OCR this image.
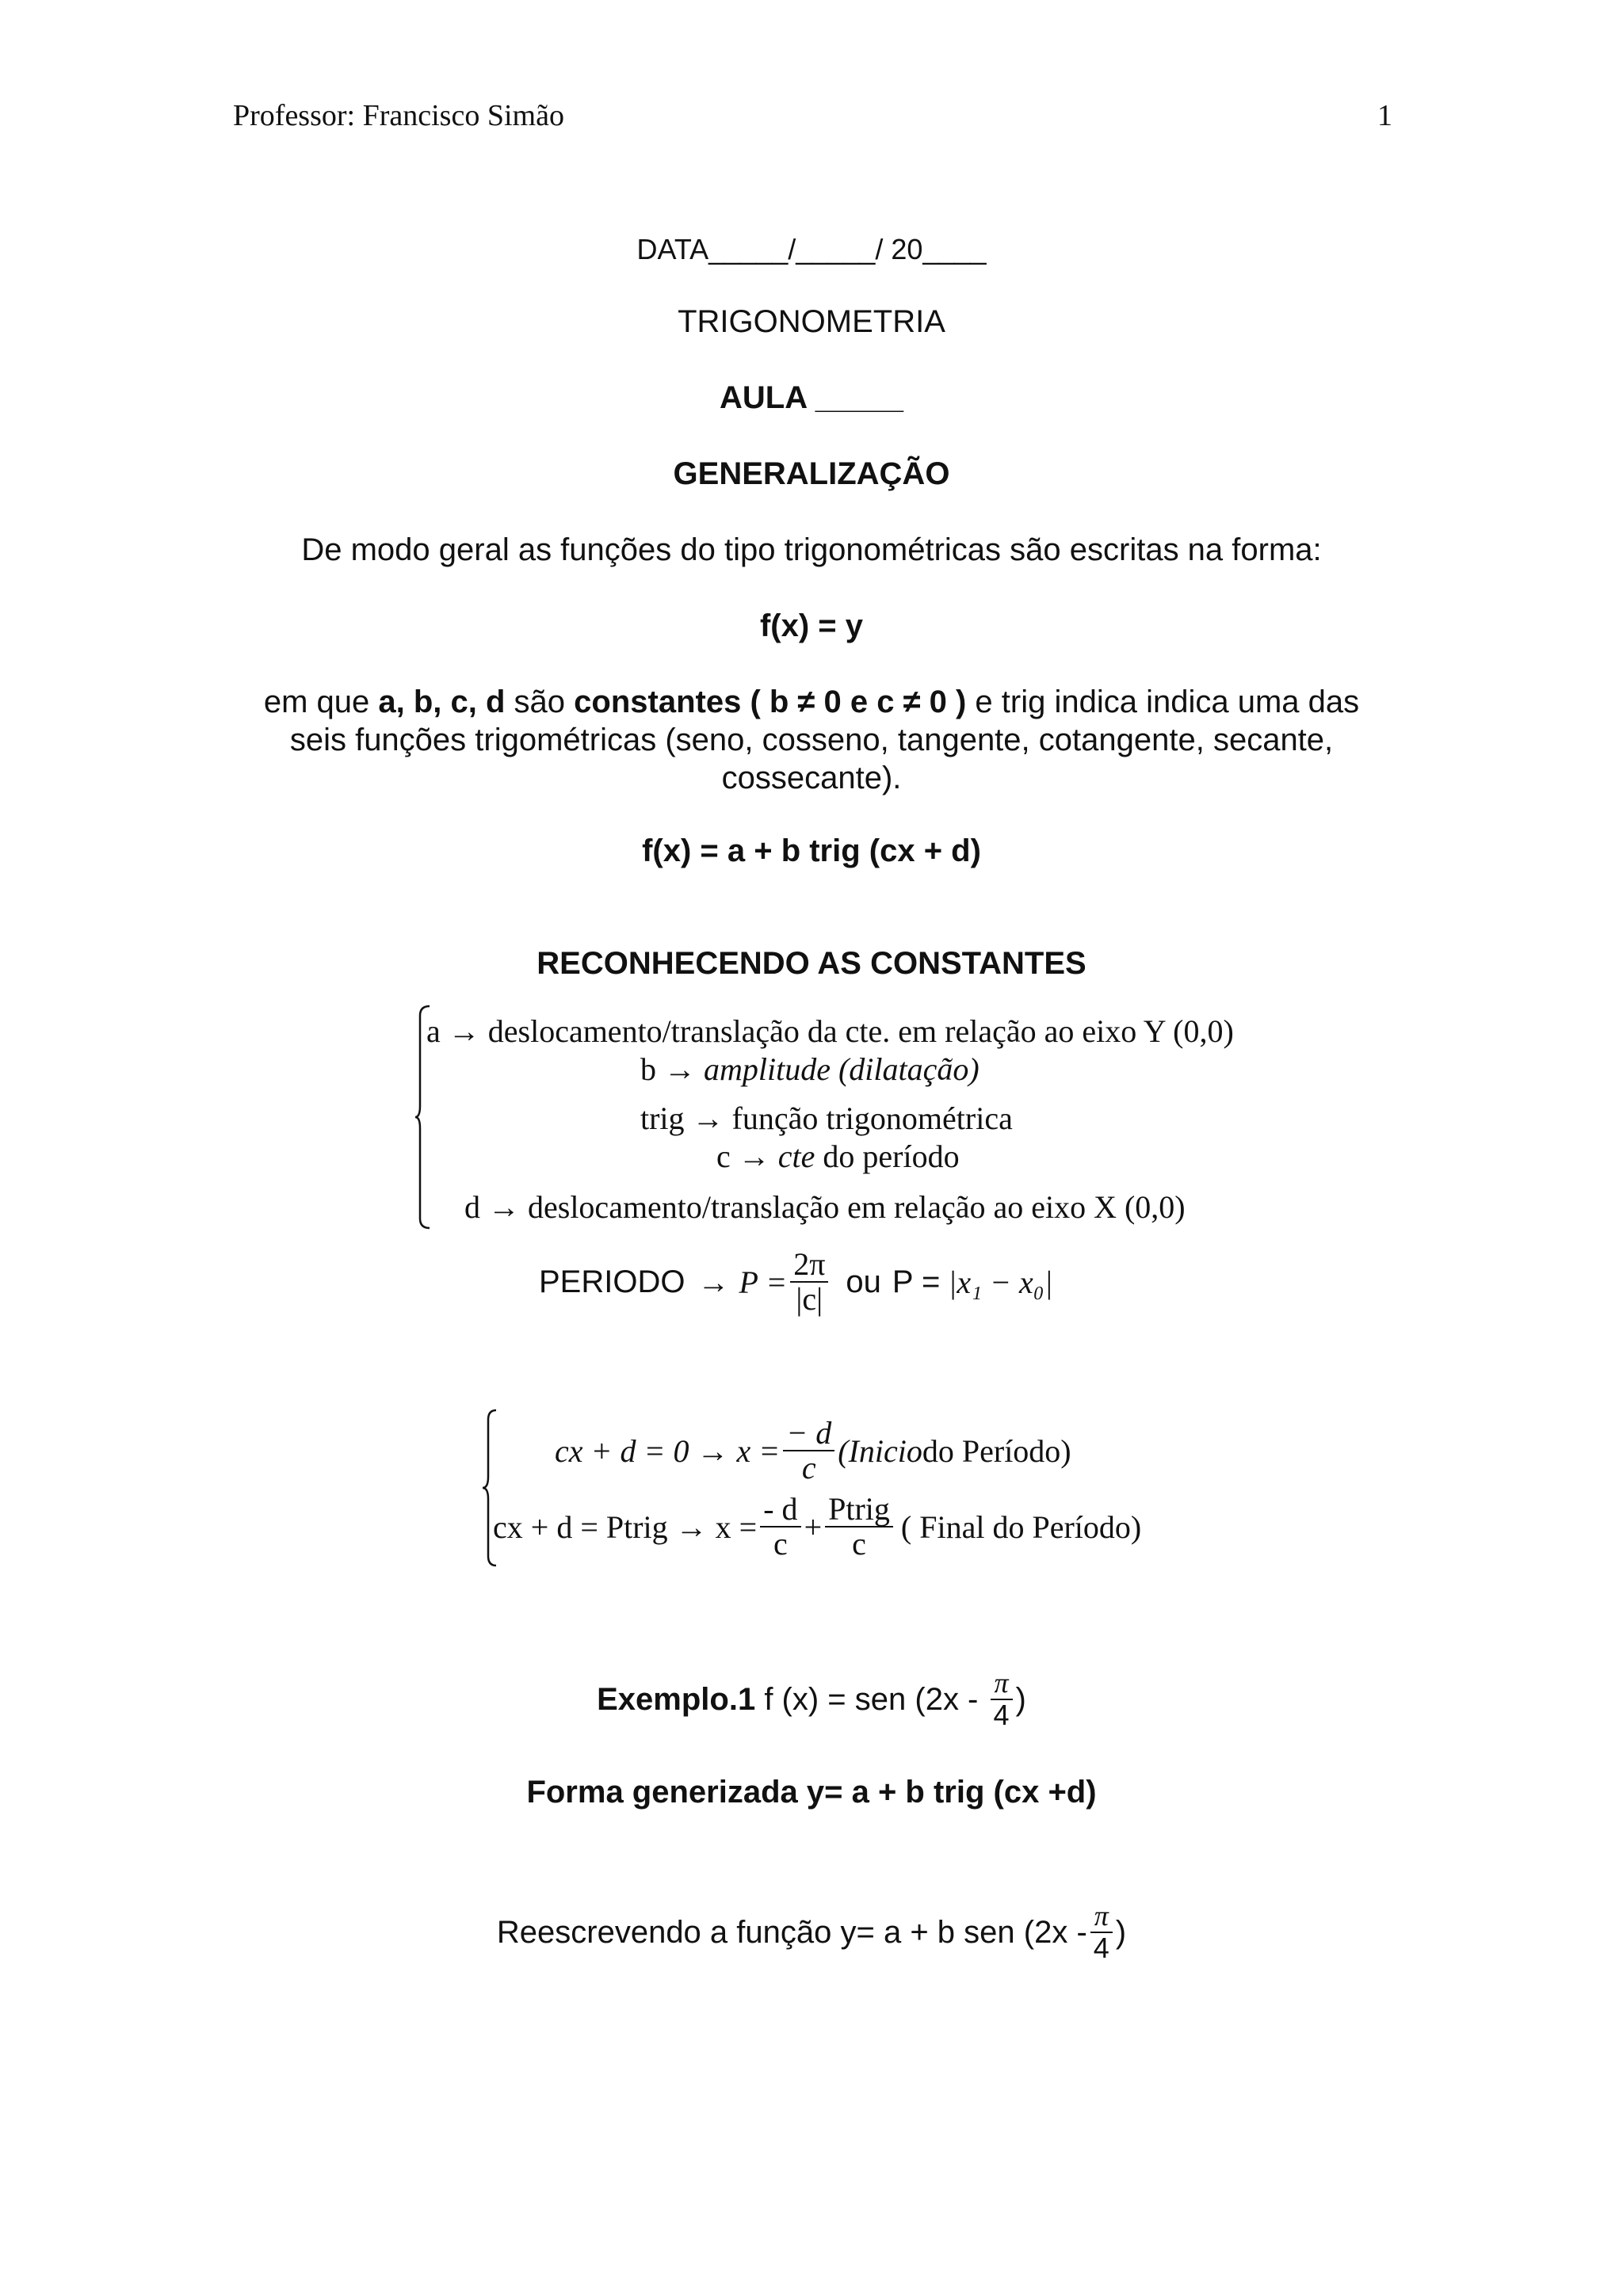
Professor: Francisco Simão	1
DATA_____/_____/ 20____
TRIGONOMETRIA
AULA _____
GENERALIZAÇÃO
De modo geral as funções do tipo trigonométricas são escritas na forma:
f(x) = y
em que a, b, c, d são constantes ( b ≠ 0 e c ≠ 0 ) e trig indica indica uma das
seis funções trigométricas (seno, cosseno, tangente, cotangente, secante,
cossecante).
f(x) = a + b trig (cx + d)
RECONHECENDO AS CONSTANTES
a → deslocamento/translação da cte. em relação ao eixo Y (0,0)
b → amplitude (dilatação)
trig → função trigonométrica
c → cte do período
d → deslocamento/translação em relação ao eixo X (0,0)
PERIODO → $P = \frac{2\pi}{|c|}$ ou P = |x₁ − x₀|
cx + $d = 0 \to x = \frac{- d}{c}$ (Inicio do Período)
cx + d = Ptrig → $x = \frac{- d}{c} + \frac{\text{Ptrig}}{c}$ ( Final do Período)
Exemplo.1 f (x) = sen ($2x - \frac{\pi}{4}$ )
Forma generizada y= a + b trig (cx +d)
Reescrevendo a função y= a + b sen ($2x - \frac{\pi}{4}$ )
